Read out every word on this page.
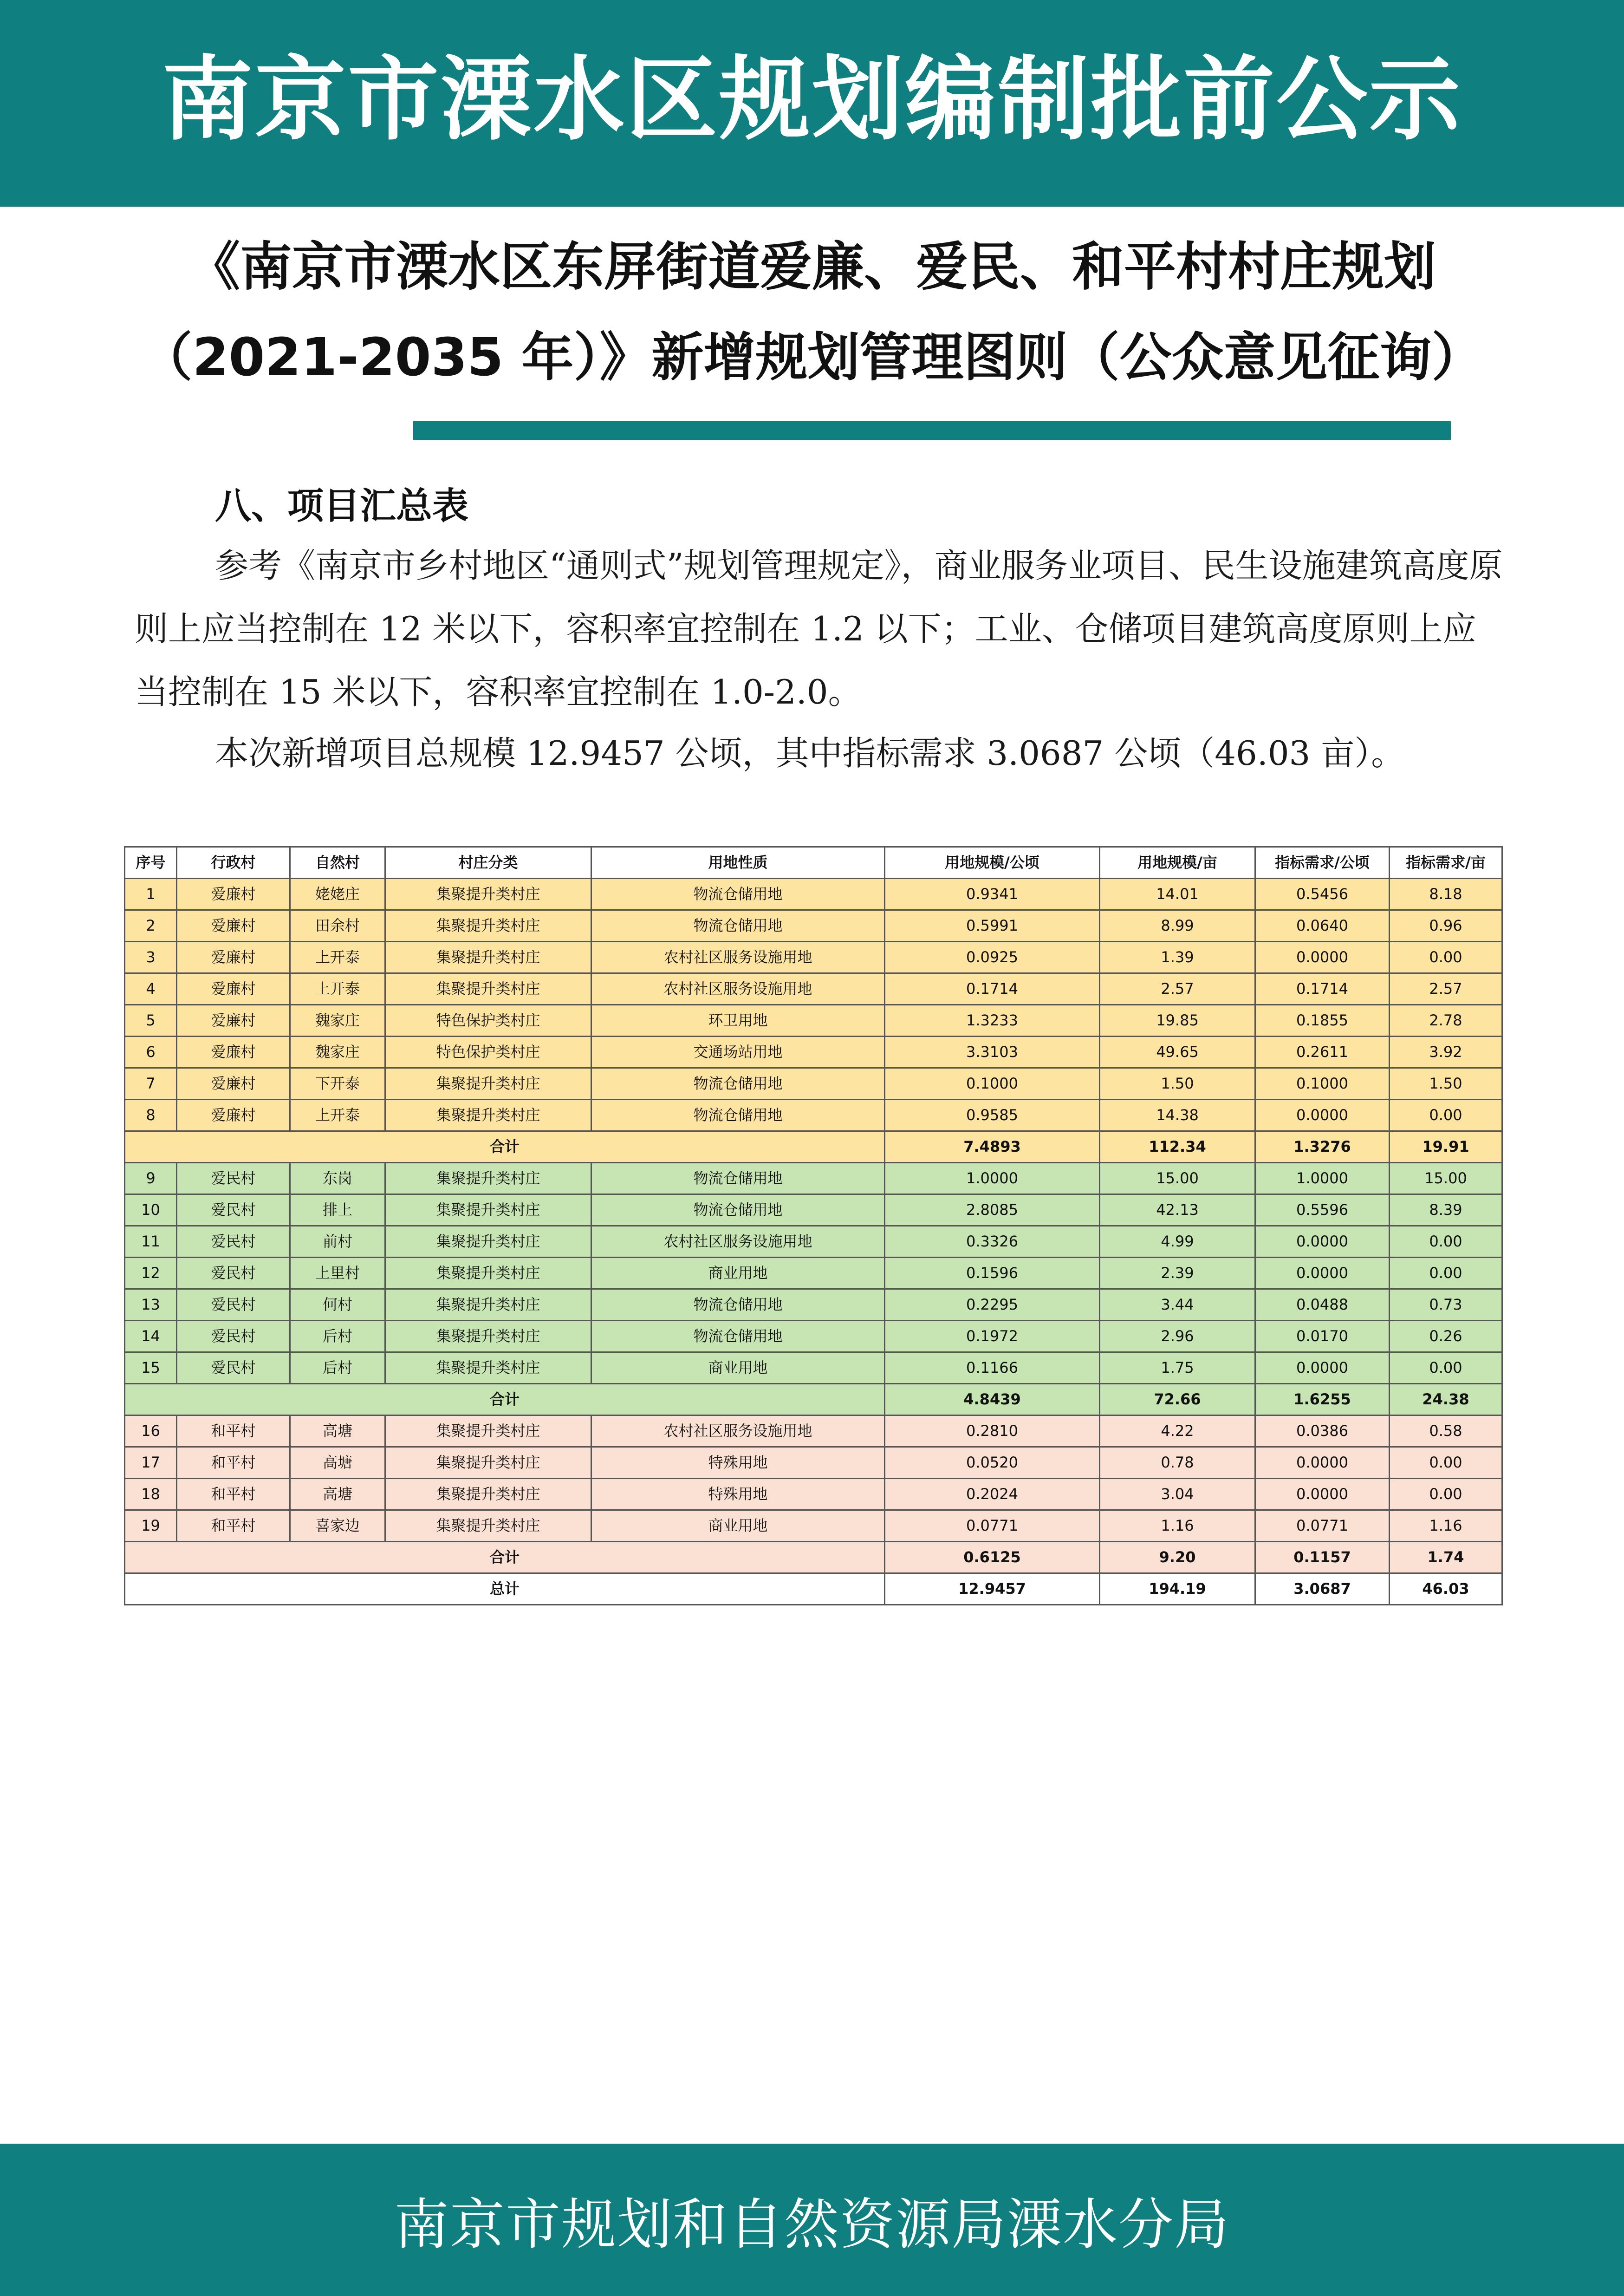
南京市溧水区规划编制批前公示
《南京市溧水区东屏街道爱廉、爱民、和平村村庄规划
（2021-2035 年）》新增规划管理图则（公众意见征询）
八、项目汇总表
参考《南京市乡村地区“通则式”规划管理规定》，商业服务业项目、民生设施建筑高度原则上应当控制在 12 米以下，容积率宜控制在 1.2 以下；工业、仓储项目建筑高度原则上应当控制在 15 米以下，容积率宜控制在 1.0-2.0。
本次新增项目总规模 12.9457 公顷，其中指标需求 3.0687 公顷（46.03 亩）。
序号	行政村	自然村	村庄分类	用地性质	用地规模/公顷	用地规模/亩	指标需求/公顷	指标需求/亩
1	爱廉村	姥姥庄	集聚提升类村庄	物流仓储用地	0.9341	14.01	0.5456	8.18
2	爱廉村	田余村	集聚提升类村庄	物流仓储用地	0.5991	8.99	0.0640	0.96
3	爱廉村	上开泰	集聚提升类村庄	农村社区服务设施用地	0.0925	1.39	0.0000	0.00
4	爱廉村	上开泰	集聚提升类村庄	农村社区服务设施用地	0.1714	2.57	0.1714	2.57
5	爱廉村	魏家庄	特色保护类村庄	环卫用地	1.3233	19.85	0.1855	2.78
6	爱廉村	魏家庄	特色保护类村庄	交通场站用地	3.3103	49.65	0.2611	3.92
7	爱廉村	下开泰	集聚提升类村庄	物流仓储用地	0.1000	1.50	0.1000	1.50
8	爱廉村	上开泰	集聚提升类村庄	物流仓储用地	0.9585	14.38	0.0000	0.00
合计					7.4893	112.34	1.3276	19.91
9	爱民村	东岗	集聚提升类村庄	物流仓储用地	1.0000	15.00	1.0000	15.00
10	爱民村	排上	集聚提升类村庄	物流仓储用地	2.8085	42.13	0.5596	8.39
11	爱民村	前村	集聚提升类村庄	农村社区服务设施用地	0.3326	4.99	0.0000	0.00
12	爱民村	上里村	集聚提升类村庄	商业用地	0.1596	2.39	0.0000	0.00
13	爱民村	何村	集聚提升类村庄	物流仓储用地	0.2295	3.44	0.0488	0.73
14	爱民村	后村	集聚提升类村庄	物流仓储用地	0.1972	2.96	0.0170	0.26
15	爱民村	后村	集聚提升类村庄	商业用地	0.1166	1.75	0.0000	0.00
合计					4.8439	72.66	1.6255	24.38
16	和平村	高塘	集聚提升类村庄	农村社区服务设施用地	0.2810	4.22	0.0386	0.58
17	和平村	高塘	集聚提升类村庄	特殊用地	0.0520	0.78	0.0000	0.00
18	和平村	高塘	集聚提升类村庄	特殊用地	0.2024	3.04	0.0000	0.00
19	和平村	喜家边	集聚提升类村庄	商业用地	0.0771	1.16	0.0771	1.16
合计					0.6125	9.20	0.1157	1.74
总计					12.9457	194.19	3.0687	46.03
南京市规划和自然资源局溧水分局
